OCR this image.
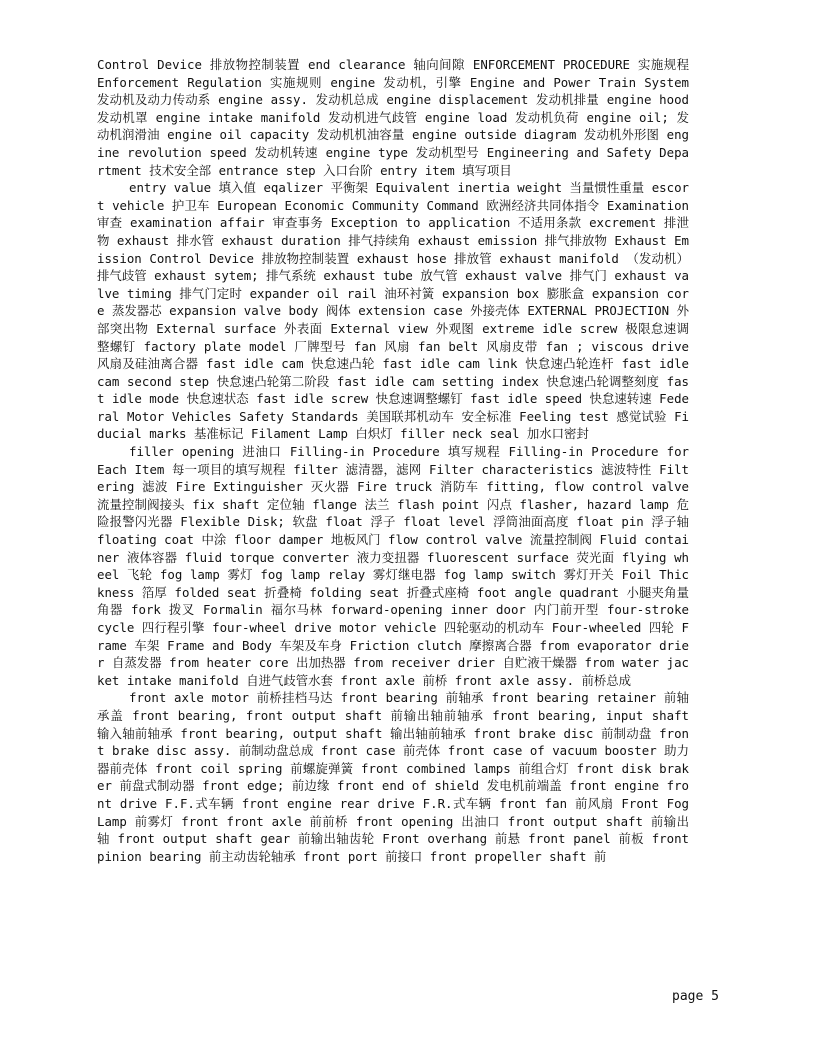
Control Device 排放物控制装置 end clearance 轴向间隙 ENFORCEMENT PROCEDURE 实施规程 Enforcement Regulation 实施规则 engine 发动机，引擎 Engine and Power Train System 发动机及动力传动系 engine assy. 发动机总成 engine displacement 发动机排量 engine hood 发动机罩 engine intake manifold 发动机进气歧管 engine load 发动机负荷 engine oil; 发动机润滑油 engine oil capacity 发动机机油容量 engine outside diagram 发动机外形图 engine revolution speed 发动机转速 engine type 发动机型号 Engineering and Safety Department 技术安全部 entrance step 入口台阶 entry item 填写项目

entry value 填入值 eqalizer 平衡架 Equivalent inertia weight 当量惯性重量 escort vehicle 护卫车 European Economic Community Command 欧洲经济共同体指令 Examination 审查 examination affair 审查事务 Exception to application 不适用条款 excrement 排泄物 exhaust 排水管 exhaust duration 排气持续角 exhaust emission 排气排放物 Exhaust Emission Control Device 排放物控制装置 exhaust hose 排放管 exhaust manifold （发动机）排气歧管 exhaust sytem; 排气系统 exhaust tube 放气管 exhaust valve 排气门 exhaust valve timing 排气门定时 expander oil rail 油环衬簧 expansion box 膨胀盒 expansion core 蒸发器芯 expansion valve body 阀体 extension case 外接壳体 EXTERNAL PROJECTION 外部突出物 External surface 外表面 External view 外观图 extreme idle screw 极限怠速调整螺钉 factory plate model 厂牌型号 fan 风扇 fan belt 风扇皮带 fan ; viscous drive 风扇及硅油离合器 fast idle cam 快怠速凸轮 fast idle cam link 快怠速凸轮连杆 fast idle cam second step 快怠速凸轮第二阶段 fast idle cam setting index 快怠速凸轮调整刻度 fast idle mode 快怠速状态 fast idle screw 快怠速调整螺钉 fast idle speed 快怠速转速 Federal Motor Vehicles Safety Standards 美国联邦机动车 安全标准 Feeling test 感觉试验 Fiducial marks 基准标记 Filament Lamp 白炽灯 filler neck seal 加水口密封

filler opening 进油口 Filling-in Procedure 填写规程 Filling-in Procedure for Each Item 每一项目的填写规程 filter 滤清器，滤网 Filter characteristics 滤波特性 Filtering 滤波 Fire Extinguisher 灭火器 Fire truck 消防车 fitting, flow control valve 流量控制阀接头 fix shaft 定位轴 flange 法兰 flash point 闪点 flasher, hazard lamp 危险报警闪光器 Flexible Disk; 软盘 float 浮子 float level 浮筒油面高度 float pin 浮子轴 floating coat 中涂 floor damper 地板风门 flow control valve 流量控制阀 Fluid container 液体容器 fluid torque converter 液力变扭器 fluorescent surface 荧光面 flying wheel 飞轮 fog lamp 雾灯 fog lamp relay 雾灯继电器 fog lamp switch 雾灯开关 Foil Thickness 箔厚 folded seat 折叠椅 folding seat 折叠式座椅 foot angle quadrant 小腿夹角量角器 fork 拨叉 Formalin 福尔马林 forward-opening inner door 内门前开型 four-stroke cycle 四行程引擎 four-wheel drive motor vehicle 四轮驱动的机动车 Four-wheeled 四轮 Frame 车架 Frame and Body 车架及车身 Friction clutch 摩擦离合器 from evaporator drier 自蒸发器 from heater core 出加热器 from receiver drier 自贮液干燥器 from water jacket intake manifold 自进气歧管水套 front axle 前桥 front axle assy. 前桥总成

front axle motor 前桥挂档马达 front bearing 前轴承 front bearing retainer 前轴承盖 front bearing, front output shaft 前输出轴前轴承 front bearing, input shaft 输入轴前轴承 front bearing, output shaft 输出轴前轴承 front brake disc 前制动盘 front brake disc assy. 前制动盘总成 front case 前壳体 front case of vacuum booster 助力器前壳体 front coil spring 前螺旋弹簧 front combined lamps 前组合灯 front disk braker 前盘式制动器 front edge; 前边缘 front end of shield 发电机前端盖 front engine front drive F.F.式车辆 front engine rear drive F.R.式车辆 front fan 前风扇 Front Fog Lamp 前雾灯 front front axle 前前桥 front opening 出油口 front output shaft 前输出轴 front output shaft gear 前输出轴齿轮 Front overhang 前悬 front panel 前板 front pinion bearing 前主动齿轮轴承 front port 前接口 front propeller shaft 前

page 5
